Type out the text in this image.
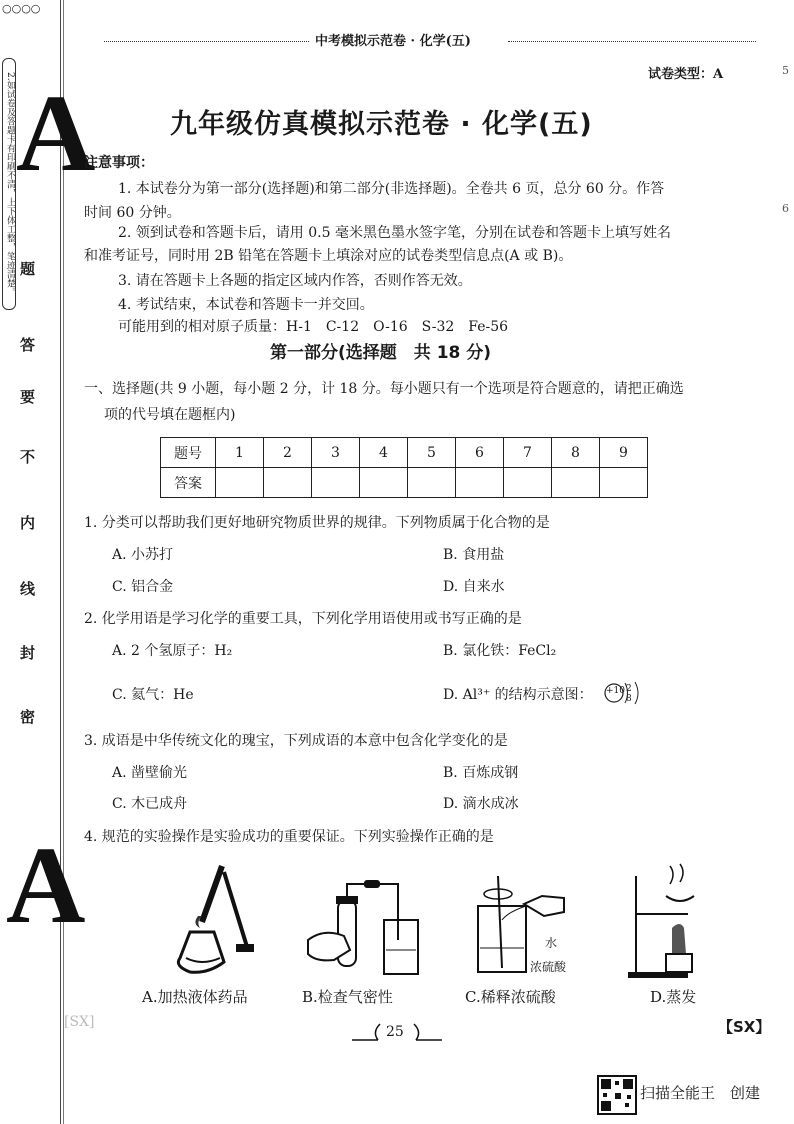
○○○○
2.如试卷及答题卡有印刷不清，上下体工整，笔迹清楚。 A
A
题
答
要
不
内
线
封
密
5
6
中考模拟示范卷 · 化学(五)
试卷类型：A
九年级仿真模拟示范卷 · 化学(五)
注意事项：
1. 本试卷分为第一部分(选择题)和第二部分(非选择题)。全卷共 6 页，总分 60 分。作答
时间 60 分钟。
2. 领到试卷和答题卡后，请用 0.5 毫米黑色墨水签字笔，分别在试卷和答题卡上填写姓名
和准考证号，同时用 2B 铅笔在答题卡上填涂对应的试卷类型信息点(A 或 B)。
3. 请在答题卡上各题的指定区域内作答，否则作答无效。
4. 考试结束，本试卷和答题卡一并交回。
可能用到的相对原子质量：H-1　C-12　O-16　S-32　Fe-56
第一部分(选择题　共 18 分)
一、选择题(共 9 小题，每小题 2 分，计 18 分。每小题只有一个选项是符合题意的，请把正确选
项的代号填在题框内)
题号	1	2	3	4	5	6	7	8	9
答案									
1. 分类可以帮助我们更好地研究物质世界的规律。下列物质属于化合物的是
A. 小苏打	B. 食用盐
C. 铝合金	D. 自来水
2. 化学用语是学习化学的重要工具，下列化学用语使用或书写正确的是
A. 2 个氢原子：H₂	B. 氯化铁：FeCl₂
C. 氦气：He	D. Al³⁺ 的结构示意图： +10 2 8
3. 成语是中华传统文化的瑰宝，下列成语的本意中包含化学变化的是
A. 凿壁偷光	B. 百炼成钢
C. 木已成舟	D. 滴水成冰
4. 规范的实验操作是实验成功的重要保证。下列实验操作正确的是
A.加热液体药品	B.检查气密性
水
浓硫酸
C.稀释浓硫酸	D.蒸发
[SX]
25	【SX】
扫描全能王　创建
